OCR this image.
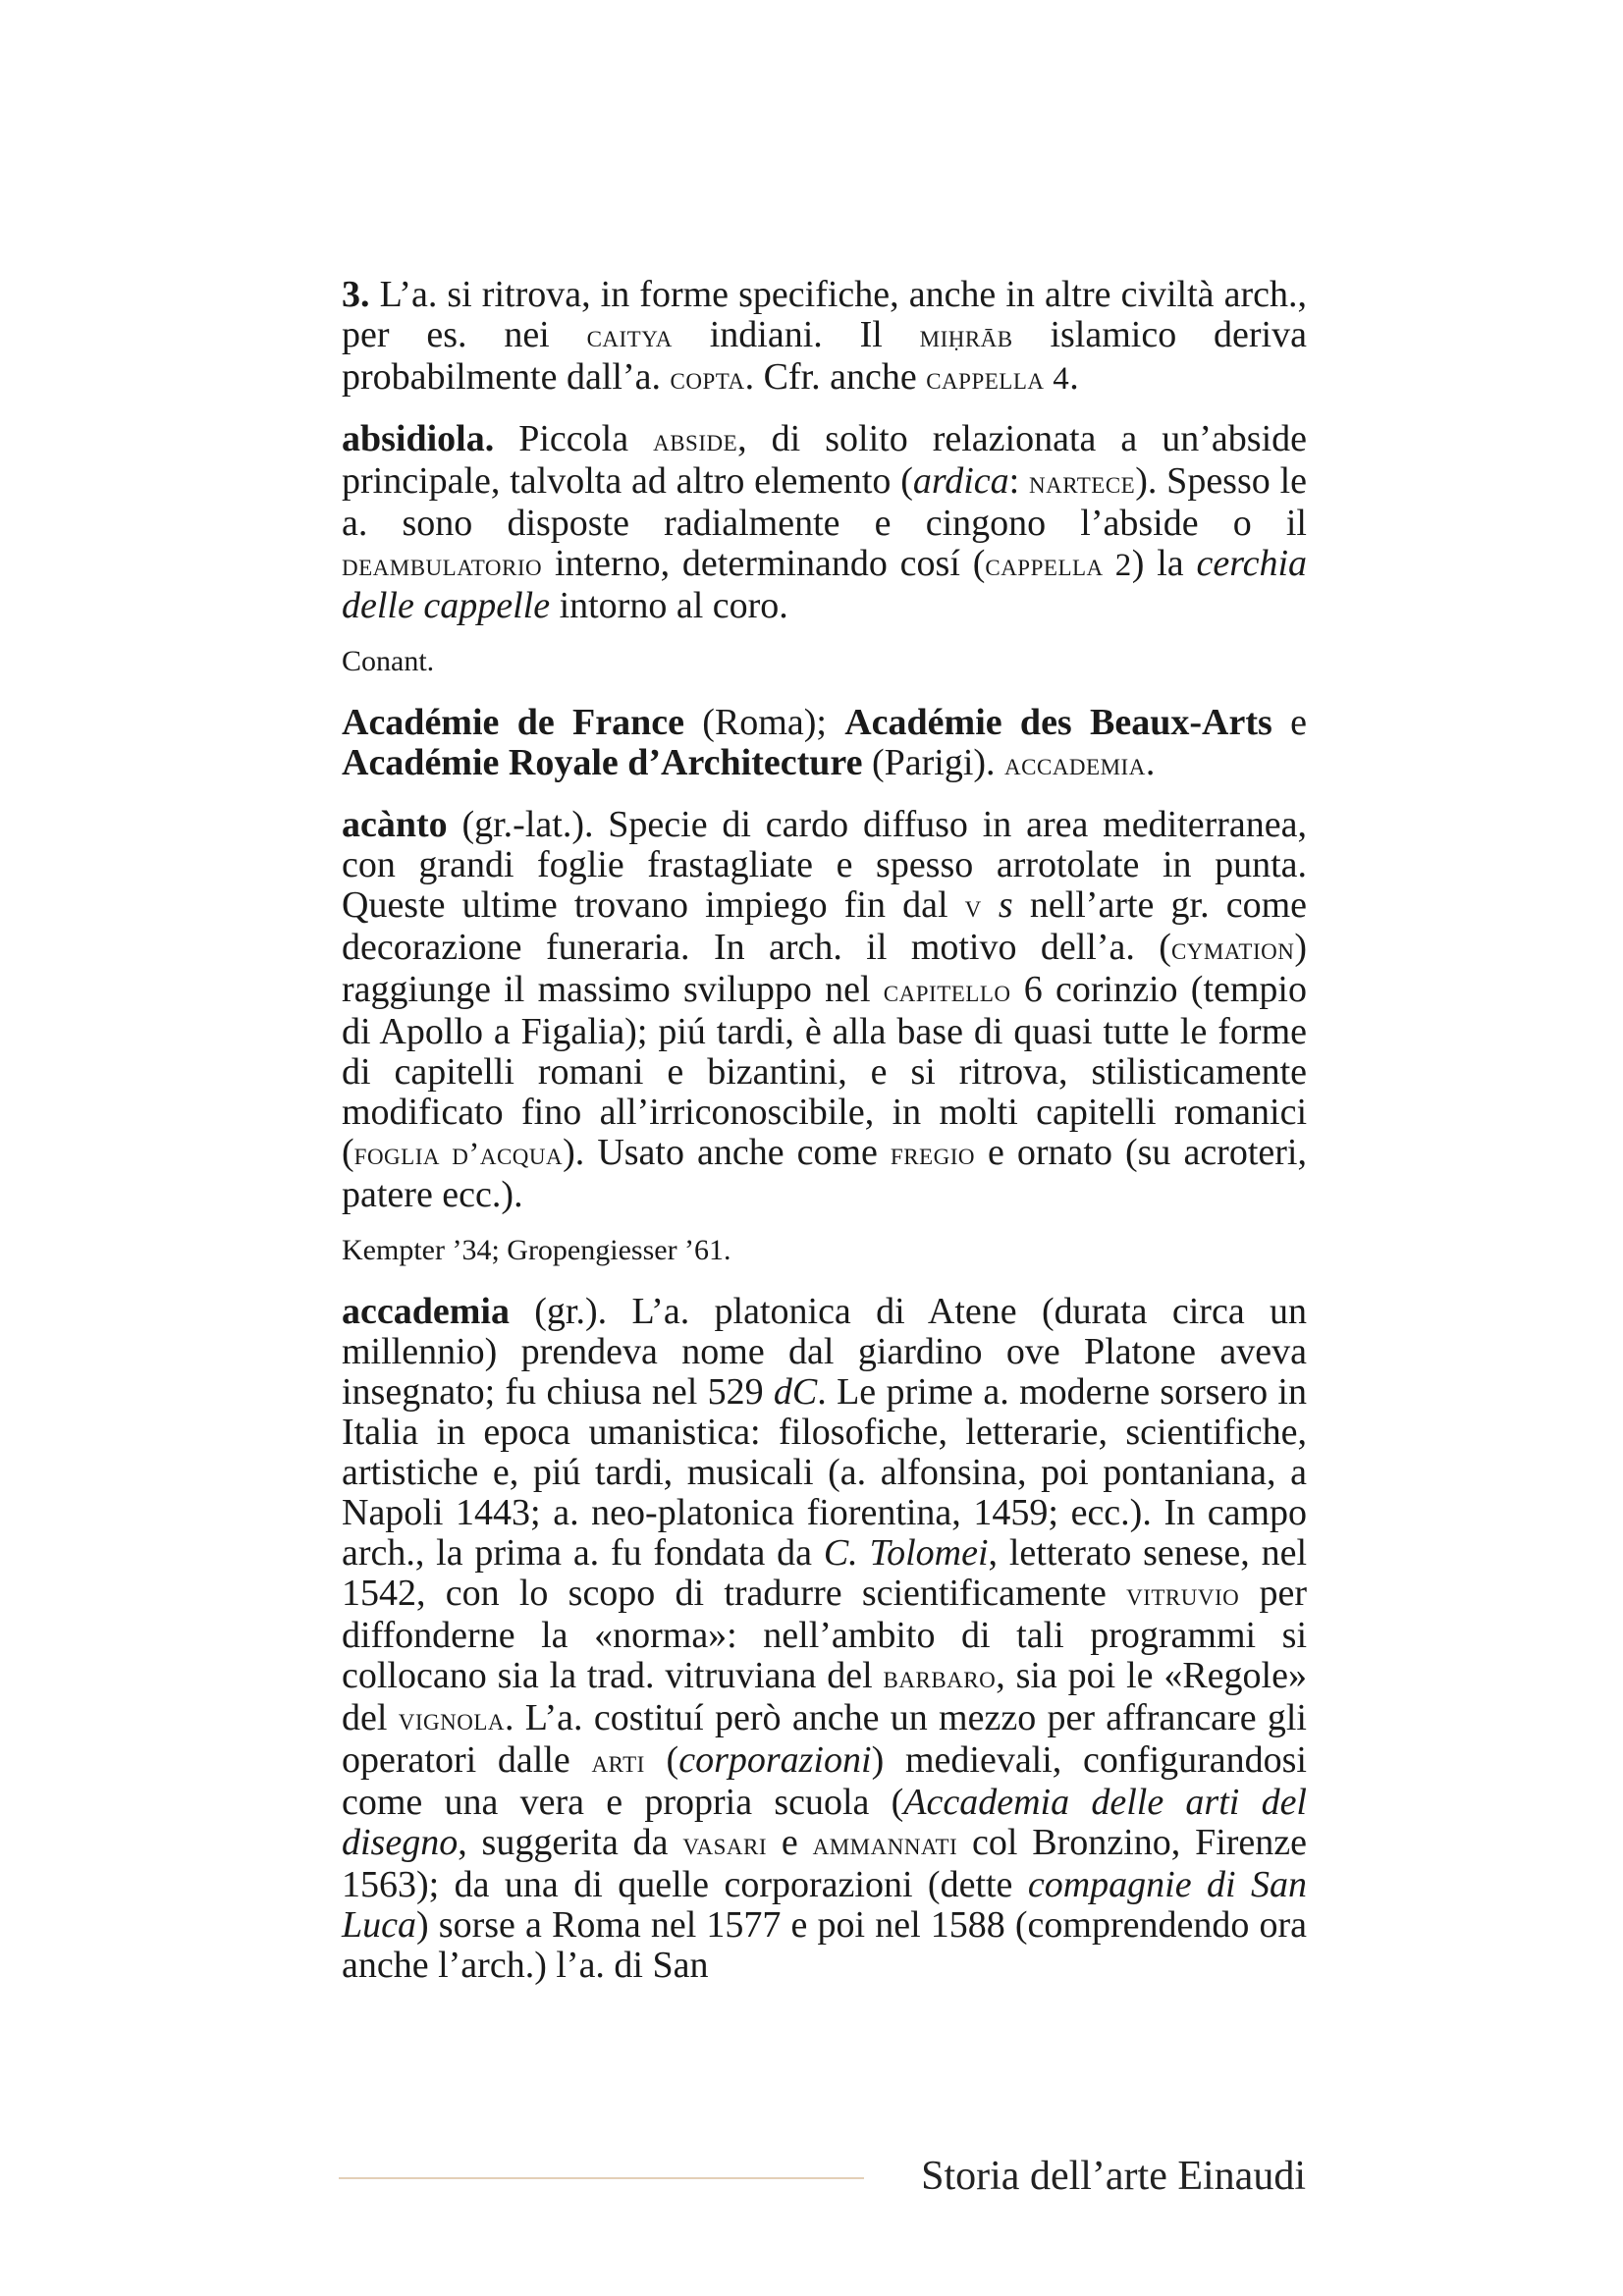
3. L’a. si ritrova, in forme specifiche, anche in altre civiltà arch., per es. nei caitya indiani. Il miḥrāb islamico deriva probabilmente dall’a. copta. Cfr. anche cappella 4.

absidiola. Piccola abside, di solito relazionata a un’abside principale, talvolta ad altro elemento (ardica: nartece). Spesso le a. sono disposte radialmente e cingono l’abside o il deambulatorio interno, determinando cosí (cappella 2) la cerchia delle cappelle intorno al coro.

Conant.

Académie de France (Roma); Académie des Beaux-Arts e Académie Royale d’Architecture (Parigi). accademia.

acànto (gr.-lat.). Specie di cardo diffuso in area mediterranea, con grandi foglie frastagliate e spesso arrotolate in punta. Queste ultime trovano impiego fin dal v s nell’arte gr. come decorazione funeraria. In arch. il motivo dell’a. (cymation) raggiunge il massimo sviluppo nel capitello 6 corinzio (tempio di Apollo a Figalia); piú tardi, è alla base di quasi tutte le forme di capitelli romani e bizantini, e si ritrova, stilisticamente modificato fino all’irriconoscibile, in molti capitelli romanici (foglia d’acqua). Usato anche come fregio e ornato (su acroteri, patere ecc.).

Kempter ’34; Gropengiesser ’61.

accademia (gr.). L’a. platonica di Atene (durata circa un millennio) prendeva nome dal giardino ove Platone aveva insegnato; fu chiusa nel 529 dC. Le prime a. moderne sorsero in Italia in epoca umanistica: filosofiche, letterarie, scientifiche, artistiche e, piú tardi, musicali (a. alfonsina, poi pontaniana, a Napoli 1443; a. neo-platonica fiorentina, 1459; ecc.). In campo arch., la prima a. fu fondata da C. Tolomei, letterato senese, nel 1542, con lo scopo di tradurre scientificamente vitruvio per diffonderne la «norma»: nell’ambito di tali programmi si collocano sia la trad. vitruviana del barbaro, sia poi le «Regole» del vignola. L’a. costituí però anche un mezzo per affrancare gli operatori dalle arti (corporazioni) medievali, configurandosi come una vera e propria scuola (Accademia delle arti del disegno, suggerita da vasari e ammannati col Bronzino, Firenze 1563); da una di quelle corporazioni (dette compagnie di San Luca) sorse a Roma nel 1577 e poi nel 1588 (comprendendo ora anche l’arch.) l’a. di San

Storia dell’arte Einaudi
